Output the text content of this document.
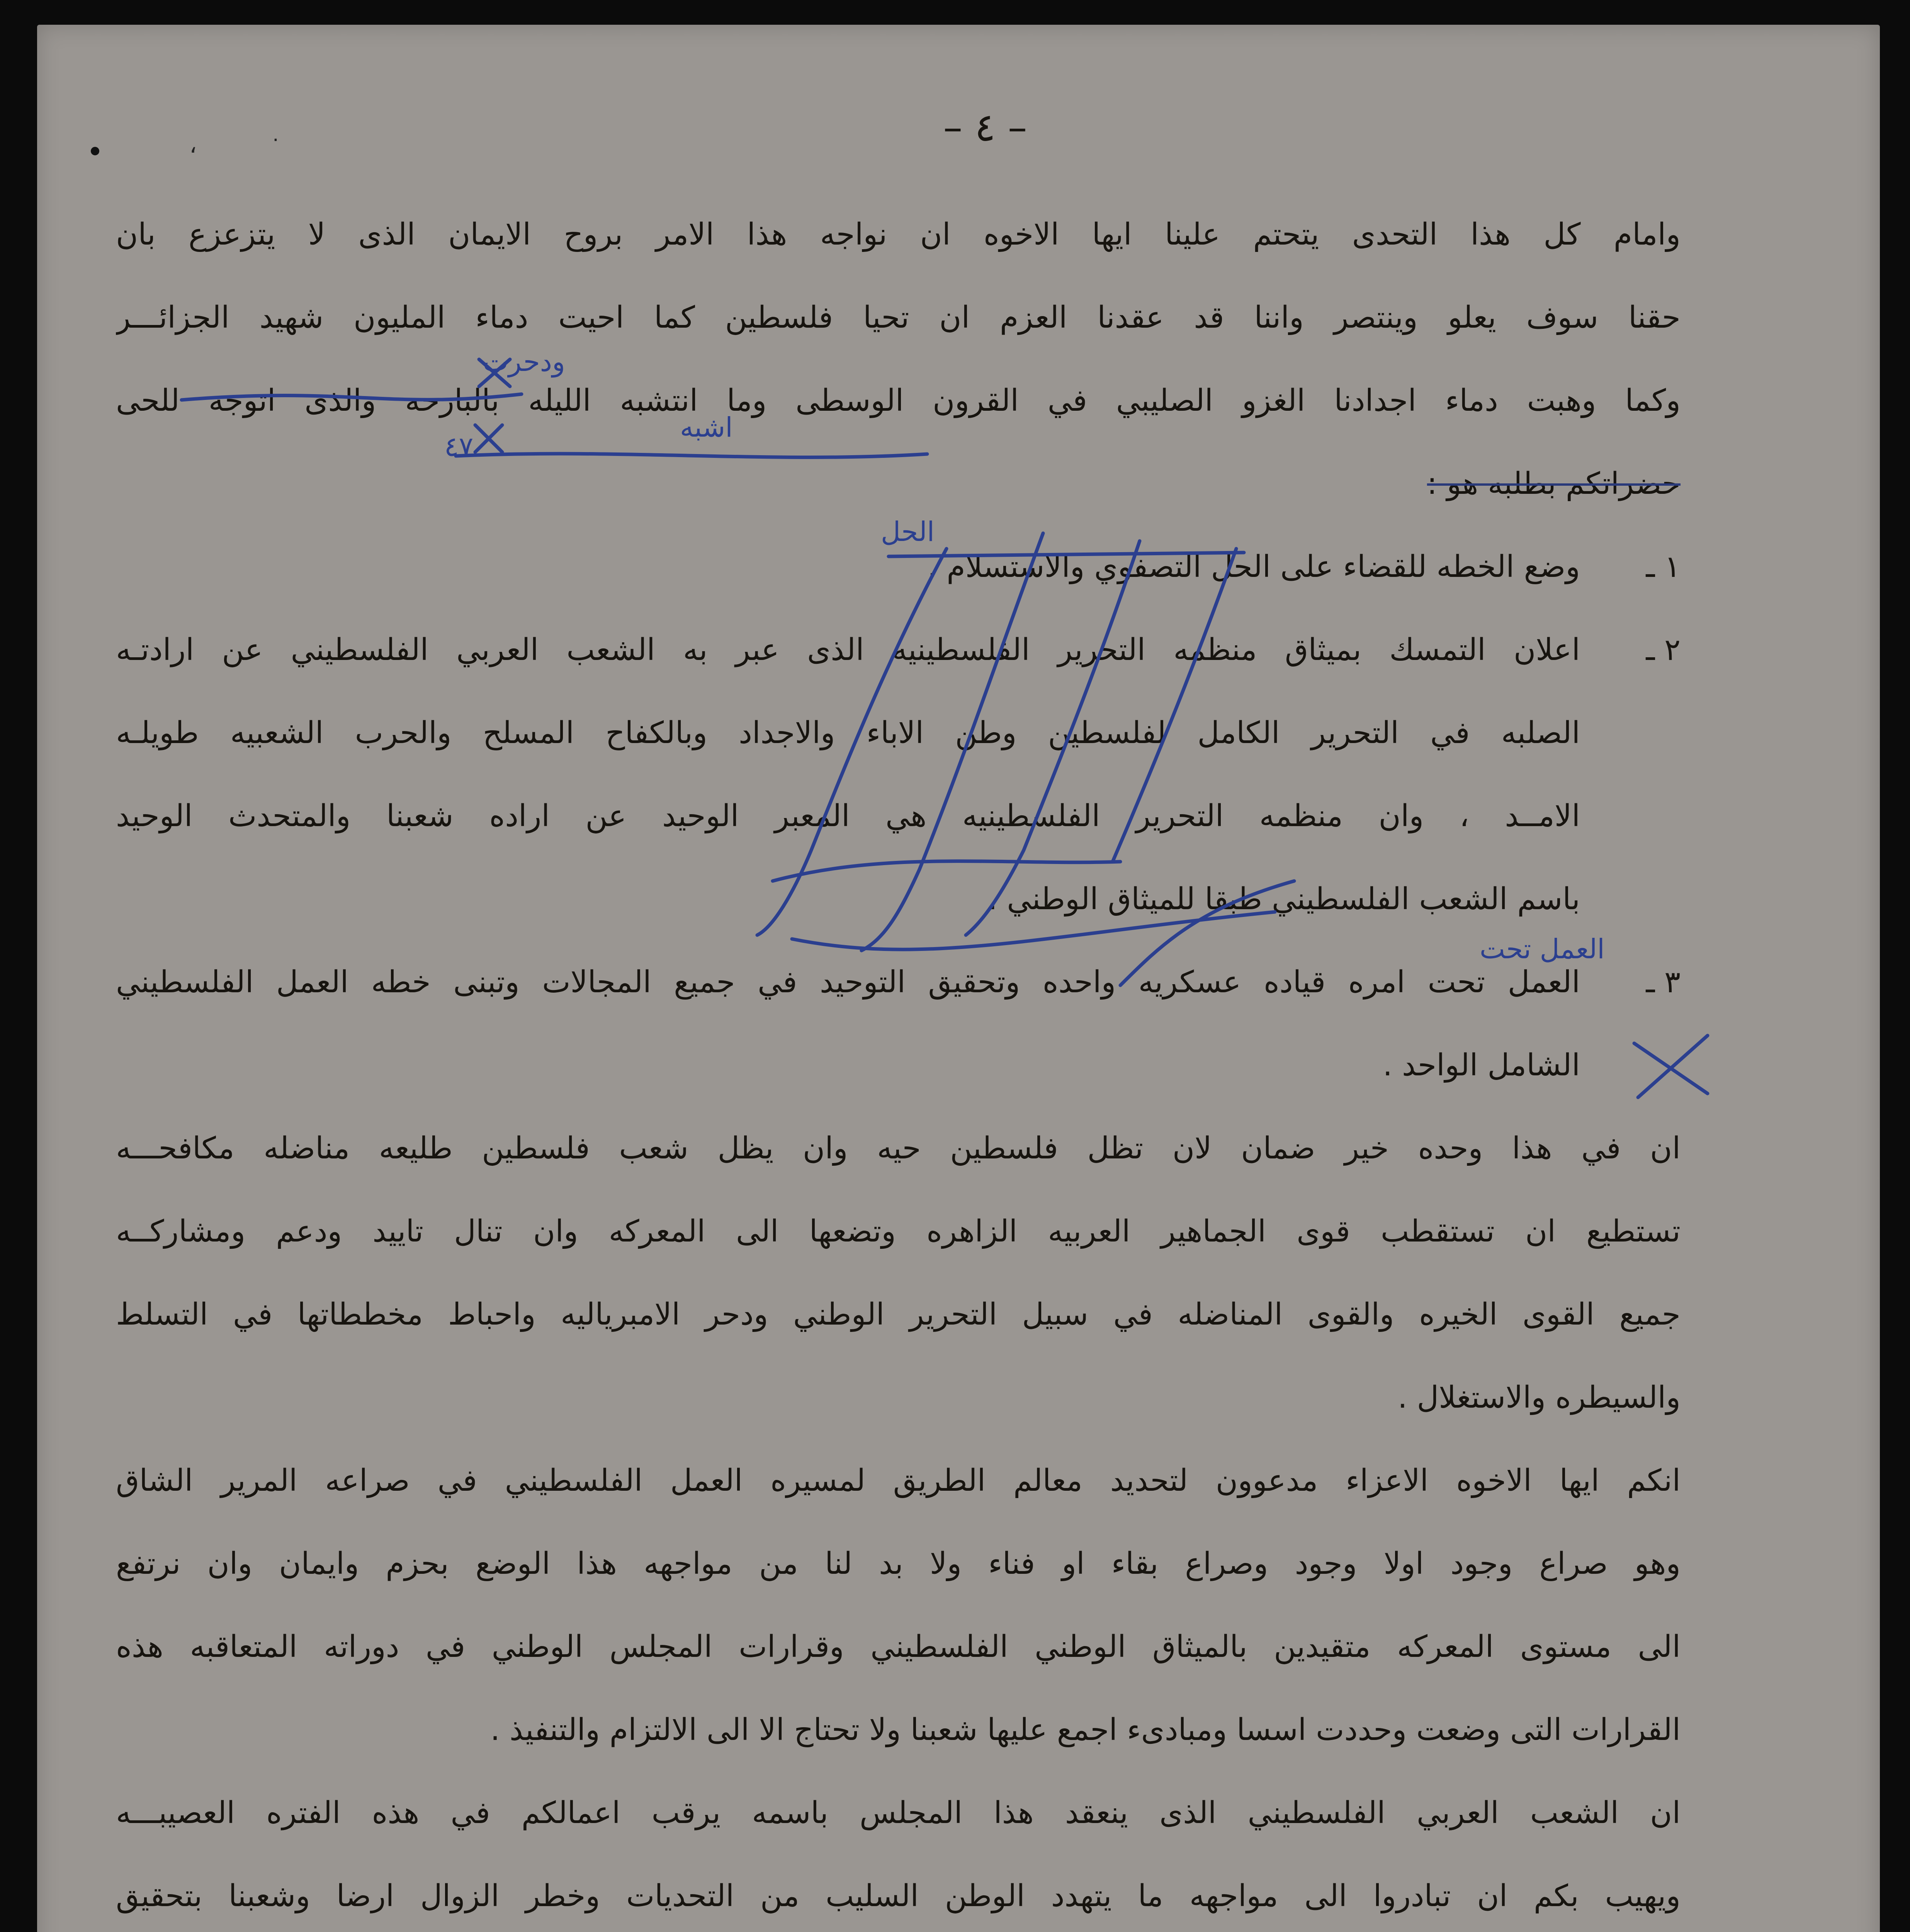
،	٠	– ٤ –
وامام كل هذا التحدى يتحتم علينا ايها الاخوه ان نواجه هذا الامر بروح الايمان الذى لا يتزعزع بان
حقنا سوف يعلو وينتصر واننا قد عقدنا العزم ان تحيا فلسطين كما احيت دماء المليون شهيد الجزائـــر
وكما وهبت دماء اجدادنا الغزو الصليبي في القرون الوسطى وما انتشبه الليله بالبارحه والذى اتوجه للحى
حضراتكم بطلبه هو :
١ ـ
وضع الخطه للقضاء على الحل التصفوي والاستسلام .
٢ ـ
اعلان التمسك بميثاق منظمه التحرير الفلسطينيه الذى عبر به الشعب العربي الفلسطيني عن ارادتـه
الصلبه في التحرير الكامل لفلسطين وطن الاباء والاجداد وبالكفاح المسلح والحرب الشعبيه طويلـه
الامــد ، وان منظمه التحرير الفلسطينيه هي المعبر الوحيد عن اراده شعبنا والمتحدث الوحيد
باسم الشعب الفلسطيني طبقا للميثاق الوطني .
٣ ـ
العمل تحت امره قياده عسكريه واحده وتحقيق التوحيد في جميع المجالات وتبنى خطه العمل الفلسطيني
الشامل الواحد .
ان في هذا وحده خير ضمان لان تظل فلسطين حيه وان يظل شعب فلسطين طليعه مناضله مكافحـــه
تستطيع ان تستقطب قوى الجماهير العربيه الزاهره وتضعها الى المعركه وان تنال تاييد ودعم ومشاركــه
جميع القوى الخيره والقوى المناضله في سبيل التحرير الوطني ودحر الامبرياليه واحباط مخططاتها في التسلط
والسيطره والاستغلال .
انكم ايها الاخوه الاعزاء مدعوون لتحديد معالم الطريق لمسيره العمل الفلسطيني في صراعه المرير الشاق
وهو صراع وجود اولا وجود وصراع بقاء او فناء ولا بد لنا من مواجهه هذا الوضع بحزم وايمان وان نرتفع
الى مستوى المعركه متقيدين بالميثاق الوطني الفلسطيني وقرارات المجلس الوطني في دوراته المتعاقبه هذه
القرارات التى وضعت وحددت اسسا ومبادىء اجمع عليها شعبنا ولا تحتاج الا الى الالتزام والتنفيذ .
ان الشعب العربي الفلسطيني الذى ينعقد هذا المجلس باسمه يرقب اعمالكم في هذه الفتره العصيبـــه
ويهيب بكم ان تبادروا الى مواجهه ما يتهدد الوطن السليب من التحديات وخطر الزوال ارضا وشعبنا بتحقيق
ودحرت
اشبه
٤٧
الحل
العمل تحت
